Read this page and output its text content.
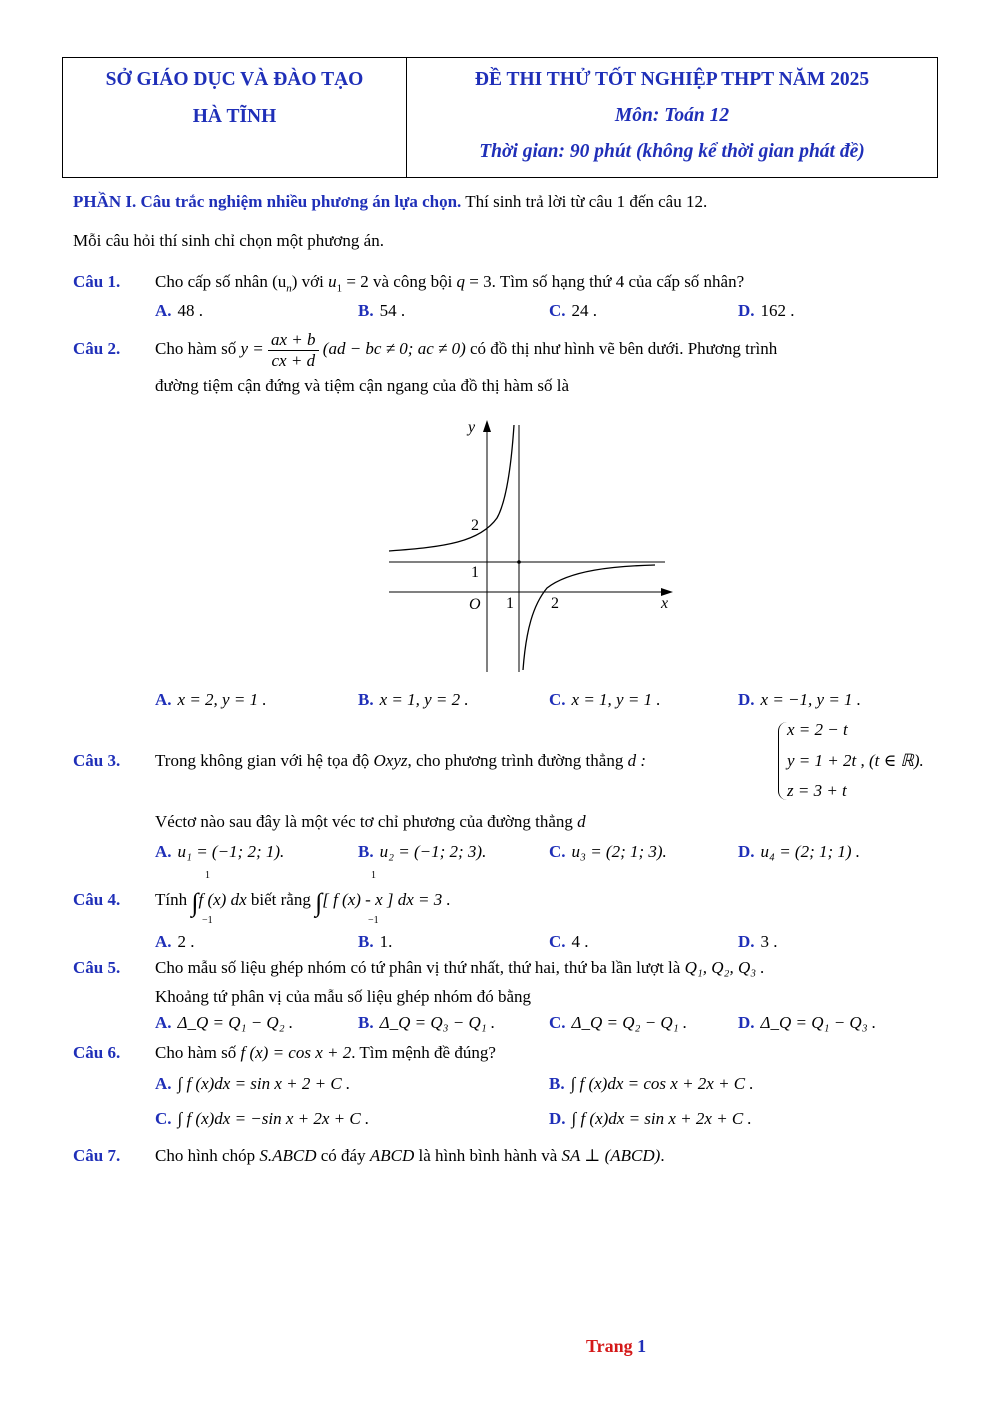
SỞ GIÁO DỤC VÀ ĐÀO TẠO
HÀ TĨNH
ĐỀ THI THỬ TỐT NGHIỆP THPT NĂM 2025
Môn: Toán 12
Thời gian: 90 phút (không kể thời gian phát đề)
PHẦN I. Câu trắc nghiệm nhiều phương án lựa chọn. Thí sinh trả lời từ câu 1 đến câu 12.
Mỗi câu hỏi thí sinh chỉ chọn một phương án.
Câu 1. Cho cấp số nhân $(u_n)$ với $u_1 = 2$ và công bội q = 3. Tìm số hạng thứ 4 của cấp số nhân?
A. 48 .	B. 54 .	C. 24 .	D. 162 .
Câu 2. Cho hàm số $y = \frac{ax + b}{cx + d} (ad$ − bc ≠ 0; ac ≠ 0) có đồ thị như hình vẽ bên dưới. Phương trình
đường tiệm cận đứng và tiệm cận ngang của đồ thị hàm số là
y
x
O
2
1
1 2
A. x = 2, y = 1 .	B. x = 1, y = 2 .	C. x = 1, y = 1 .	D. x = −1, y = 1 .
Câu 3. Trong không gian với hệ tọa độ Oxyz, cho phương trình đường thẳng d :
x = 2 − t
y = 1 + 2t , (t ∈ ℝ).
z = 3 + t
Véctơ nào sau đây là một véc tơ chỉ phương của đường thẳng d
A. u₁ = (−1; 2; 1).	B. u₂ = (−1; 2; 3).	C. u₃ = (2; 1; 3).	D. u₄ = (2; 1; 1) .
Câu 4. Tính ∫f (x) dx biết rằng ∫[ f (x) - x ] dx = 3 .
1
−1
1
−1
A. 2 .	B. 1.	C. 4 .	D. 3 .
Câu 5. Cho mẫu số liệu ghép nhóm có tứ phân vị thứ nhất, thứ hai, thứ ba lần lượt là Q₁, Q₂, Q₃ .
Khoảng tứ phân vị của mẫu số liệu ghép nhóm đó bằng
A. Δ_Q = Q₁ − Q₂ .	B. Δ_Q = Q₃ − Q₁ .	C. Δ_Q = Q₂ − Q₁ .	D. Δ_Q = Q₁ − Q₃ .
Câu 6. Cho hàm số f (x) = cos x + 2. Tìm mệnh đề đúng?
A. ∫ f (x)dx = sin x + 2 + C .	B. ∫ f (x)dx = cos x + 2x + C .
C. ∫ f (x)dx = −sin x + 2x + C .	D. ∫ f (x)dx = sin x + 2x + C .
Câu 7. Cho hình chóp S.ABCD có đáy ABCD là hình bình hành và SA ⊥ (ABCD).
Trang 1
